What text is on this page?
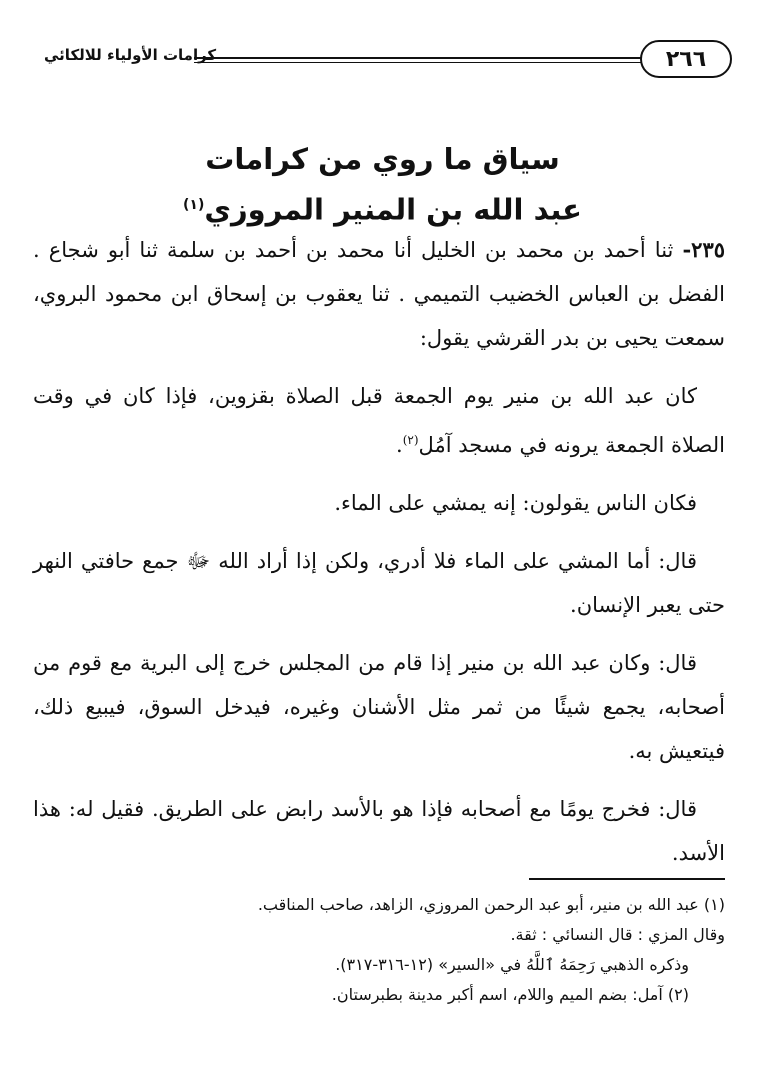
٢٦٦
كرامات الأولياء للالكائي
سياق ما روي من كرامات
عبد الله بن المنير المروزي$^{(١)}$

٢٣٥- ثنا أحمد بن محمد بن الخليل أنا محمد بن أحمد بن سلمة ثنا أبو شجاع . الفضل بن العباس الخضيب التميمي . ثنا يعقوب بن إسحاق ابن محمود البروي، سمعت يحيى بن بدر القرشي يقول:

كان عبد الله بن منير يوم الجمعة قبل الصلاة بقزوين، فإذا كان في وقت الصلاة الجمعة يرونه في مسجد آمُل$^{(٢)}$.

فكان الناس يقولون: إنه يمشي على الماء.

قال: أما المشي على الماء فلا أدري، ولكن إذا أراد الله ﷻ جمع حافتي النهر حتى يعبر الإنسان.

قال: وكان عبد الله بن منير إذا قام من المجلس خرج إلى البرية مع قوم من أصحابه، يجمع شيئًا من ثمر مثل الأشنان وغيره، فيدخل السوق، فيبيع ذلك، فيتعيش به.

قال: فخرج يومًا مع أصحابه فإذا هو بالأسد رابض على الطريق. فقيل له: هذا الأسد.

(١) عبد الله بن منير، أبو عبد الرحمن المروزي، الزاهد، صاحب المناقب.

وقال المزي : قال النسائي : ثقة.

وذكره الذهبي رَحِمَهُ ٱللَّهُ في «السير» (١٢-٣١٦-٣١٧).

(٢) آمل: بضم الميم واللام، اسم أكبر مدينة بطبرستان.
